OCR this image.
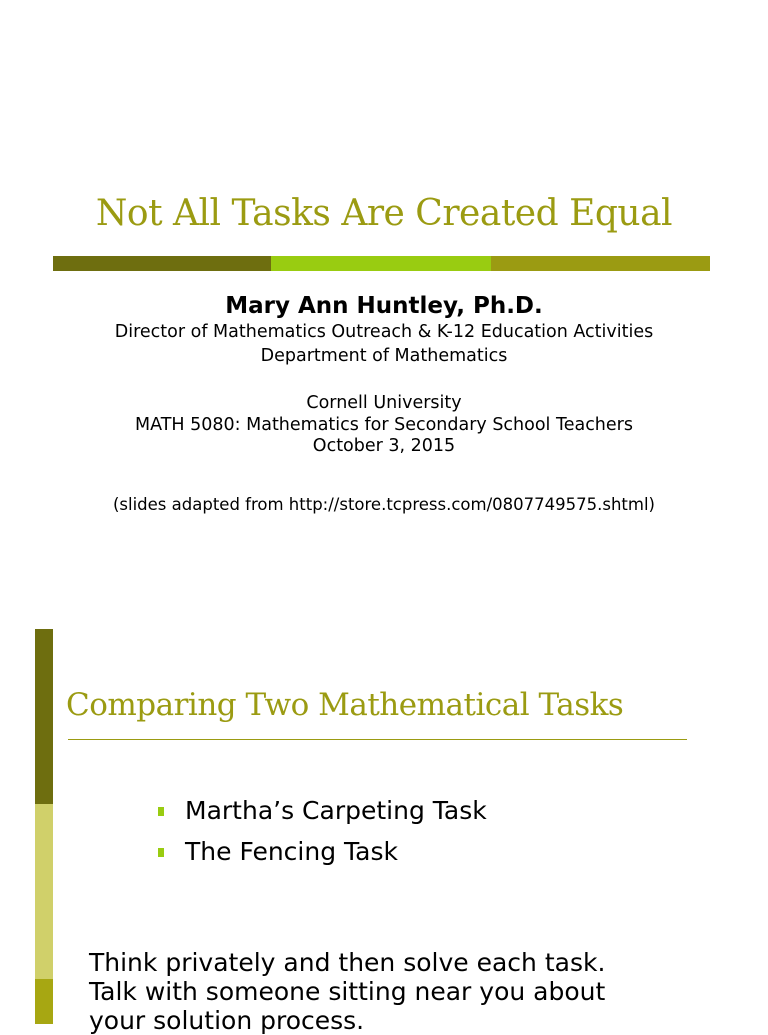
Not All Tasks Are Created Equal

Mary Ann Huntley, Ph.D.

Director of Mathematics Outreach & K-12 Education Activities
Department of Mathematics
Cornell University
MATH 5080: Mathematics for Secondary School Teachers
October 3, 2015
(slides adapted from http://store.tcpress.com/0807749575.shtml)
Comparing Two Mathematical Tasks
Martha’s Carpeting Task
The Fencing Task
Think privately and then solve each task.
Talk with someone sitting near you about
your solution process.
